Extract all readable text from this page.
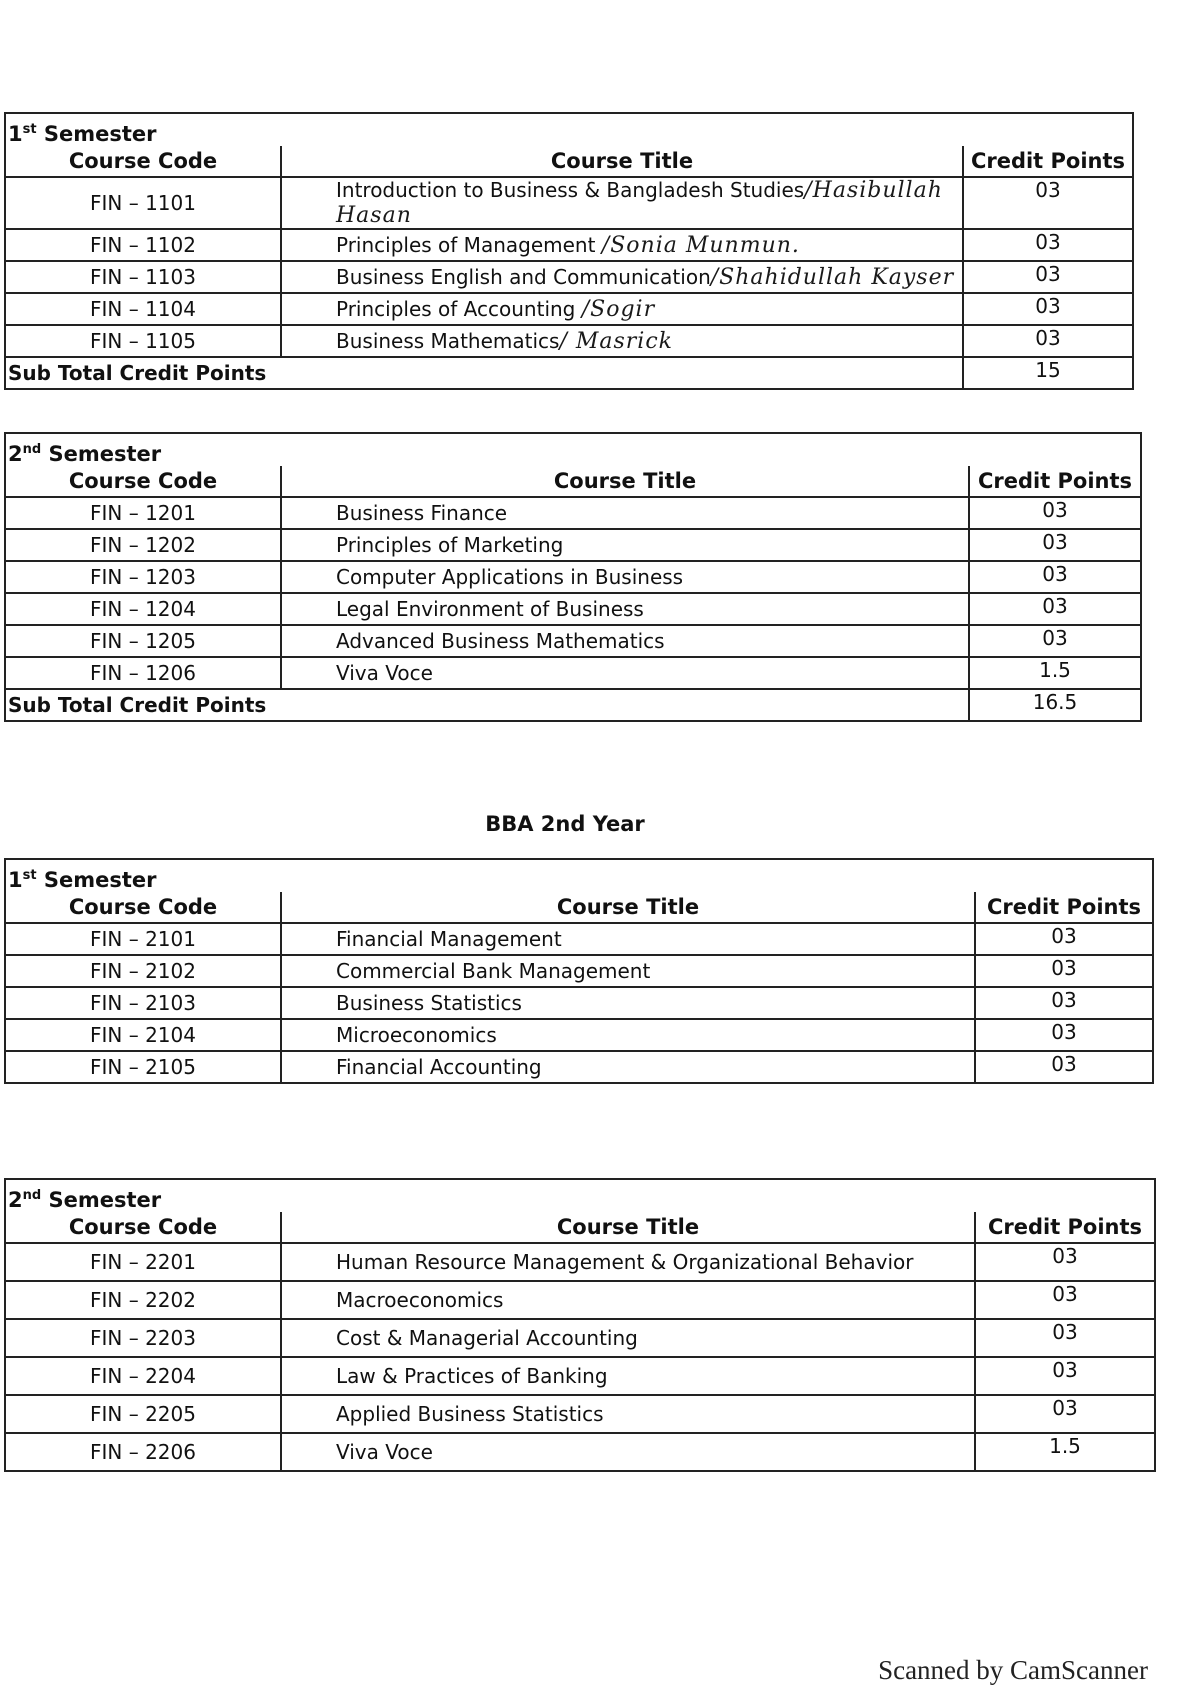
1st Semester		
Course Code	Course Title	Credit Points
FIN – 1101	Introduction to Business & Bangladesh Studies/Hasibullah Hasan	03
FIN – 1102	Principles of Management /Sonia Munmun.	03
FIN – 1103	Business English and Communication/Shahidullah Kayser	03
FIN – 1104	Principles of Accounting /Sogir	03
FIN – 1105	Business Mathematics/ Masrick	03
Sub Total Credit Points		15
2nd Semester		
Course Code	Course Title	Credit Points
FIN – 1201	Business Finance	03
FIN – 1202	Principles of Marketing	03
FIN – 1203	Computer Applications in Business	03
FIN – 1204	Legal Environment of Business	03
FIN – 1205	Advanced Business Mathematics	03
FIN – 1206	Viva Voce	1.5
Sub Total Credit Points		16.5
BBA 2nd Year
1st Semester		
Course Code	Course Title	Credit Points
FIN – 2101	Financial Management	03
FIN – 2102	Commercial Bank Management	03
FIN – 2103	Business Statistics	03
FIN – 2104	Microeconomics	03
FIN – 2105	Financial Accounting	03
2nd Semester		
Course Code	Course Title	Credit Points
FIN – 2201	Human Resource Management & Organizational Behavior	03
FIN – 2202	Macroeconomics	03
FIN – 2203	Cost & Managerial Accounting	03
FIN – 2204	Law & Practices of Banking	03
FIN – 2205	Applied Business Statistics	03
FIN – 2206	Viva Voce	1.5
Scanned by CamScanner
